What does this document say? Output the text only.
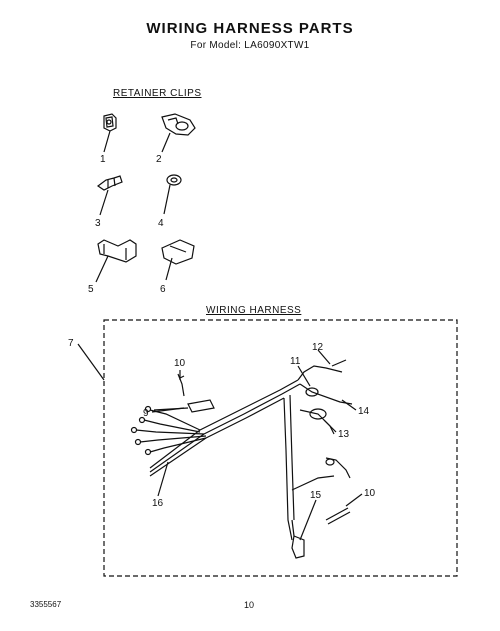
WIRING HARNESS PARTS
For Model: LA6090XTW1
RETAINER CLIPS
WIRING HARNESS
1	2
3	4
5	6
7
9
10	11
12
13
14
15	10
16
3355567	10
